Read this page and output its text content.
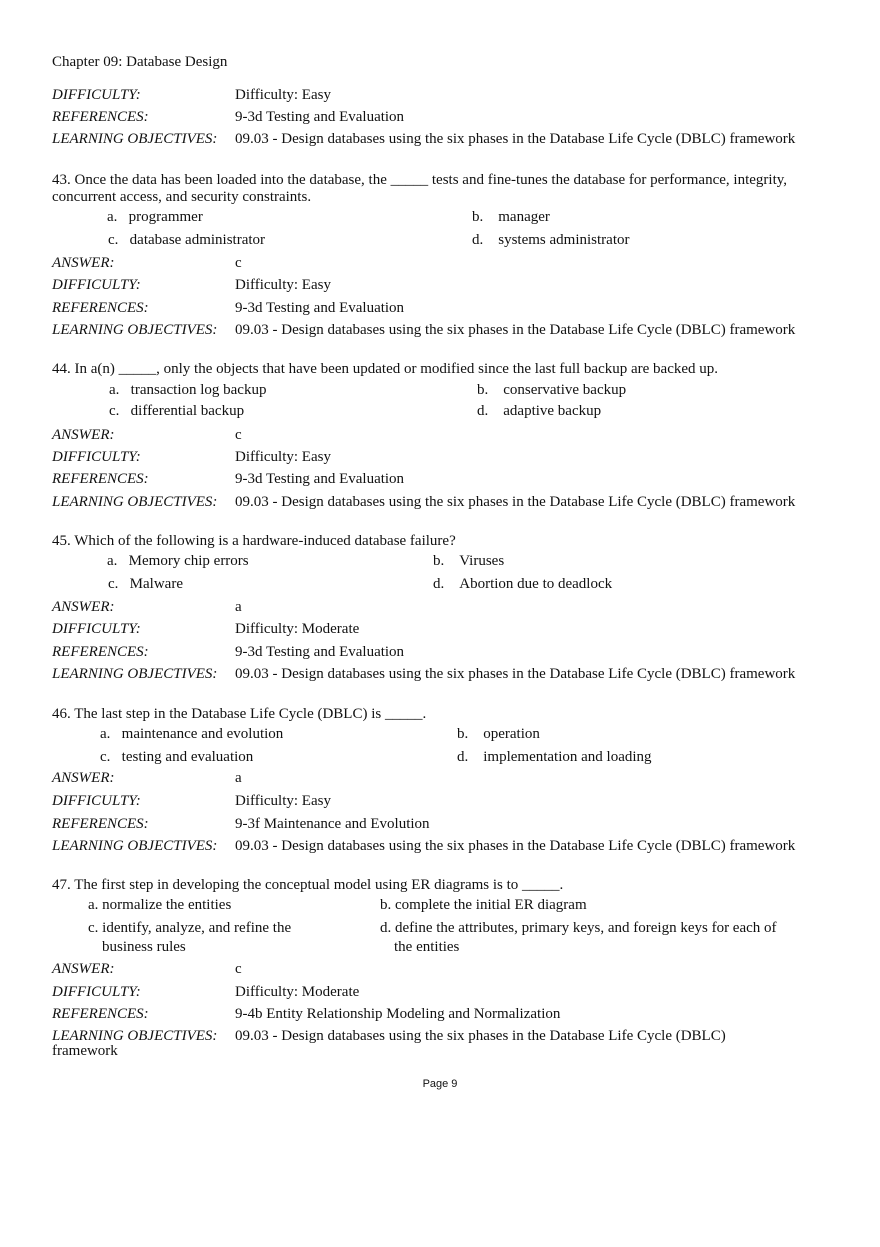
Chapter 09: Database Design
DIFFICULTY:	Difficulty: Easy
REFERENCES:	9-3d Testing and Evaluation
LEARNING OBJECTIVES: 09.03 - Design databases using the six phases in the Database Life Cycle (DBLC) framework
43. Once the data has been loaded into the database, the _____ tests and fine-tunes the database for performance, integrity, concurrent access, and security constraints.
a. programmer	b. manager
c. database administrator	d. systems administrator
ANSWER:	c
DIFFICULTY:	Difficulty: Easy
REFERENCES:	9-3d Testing and Evaluation
LEARNING OBJECTIVES: 09.03 - Design databases using the six phases in the Database Life Cycle (DBLC) framework
44. In a(n) _____, only the objects that have been updated or modified since the last full backup are backed up.
a. transaction log backup	b. conservative backup
c. differential backup	d. adaptive backup
ANSWER:	c
DIFFICULTY:	Difficulty: Easy
REFERENCES:	9-3d Testing and Evaluation
LEARNING OBJECTIVES: 09.03 - Design databases using the six phases in the Database Life Cycle (DBLC) framework
45. Which of the following is a hardware-induced database failure?
a. Memory chip errors	b. Viruses
c. Malware	d. Abortion due to deadlock
ANSWER:	a
DIFFICULTY:	Difficulty: Moderate
REFERENCES:	9-3d Testing and Evaluation
LEARNING OBJECTIVES: 09.03 - Design databases using the six phases in the Database Life Cycle (DBLC) framework
46. The last step in the Database Life Cycle (DBLC) is _____.
a. maintenance and evolution	b. operation
c. testing and evaluation	d. implementation and loading
ANSWER:	a
DIFFICULTY:	Difficulty: Easy
REFERENCES:	9-3f Maintenance and Evolution
LEARNING OBJECTIVES: 09.03 - Design databases using the six phases in the Database Life Cycle (DBLC) framework
47. The first step in developing the conceptual model using ER diagrams is to _____.
a. normalize the entities	b. complete the initial ER diagram
c. identify, analyze, and refine the
business rules
d. define the attributes, primary keys, and foreign keys for each of
the entities
ANSWER:	c
DIFFICULTY:	Difficulty: Moderate
REFERENCES:	9-4b Entity Relationship Modeling and Normalization
LEARNING OBJECTIVES: 09.03 - Design databases using the six phases in the Database Life Cycle (DBLC)
framework
Page 9
